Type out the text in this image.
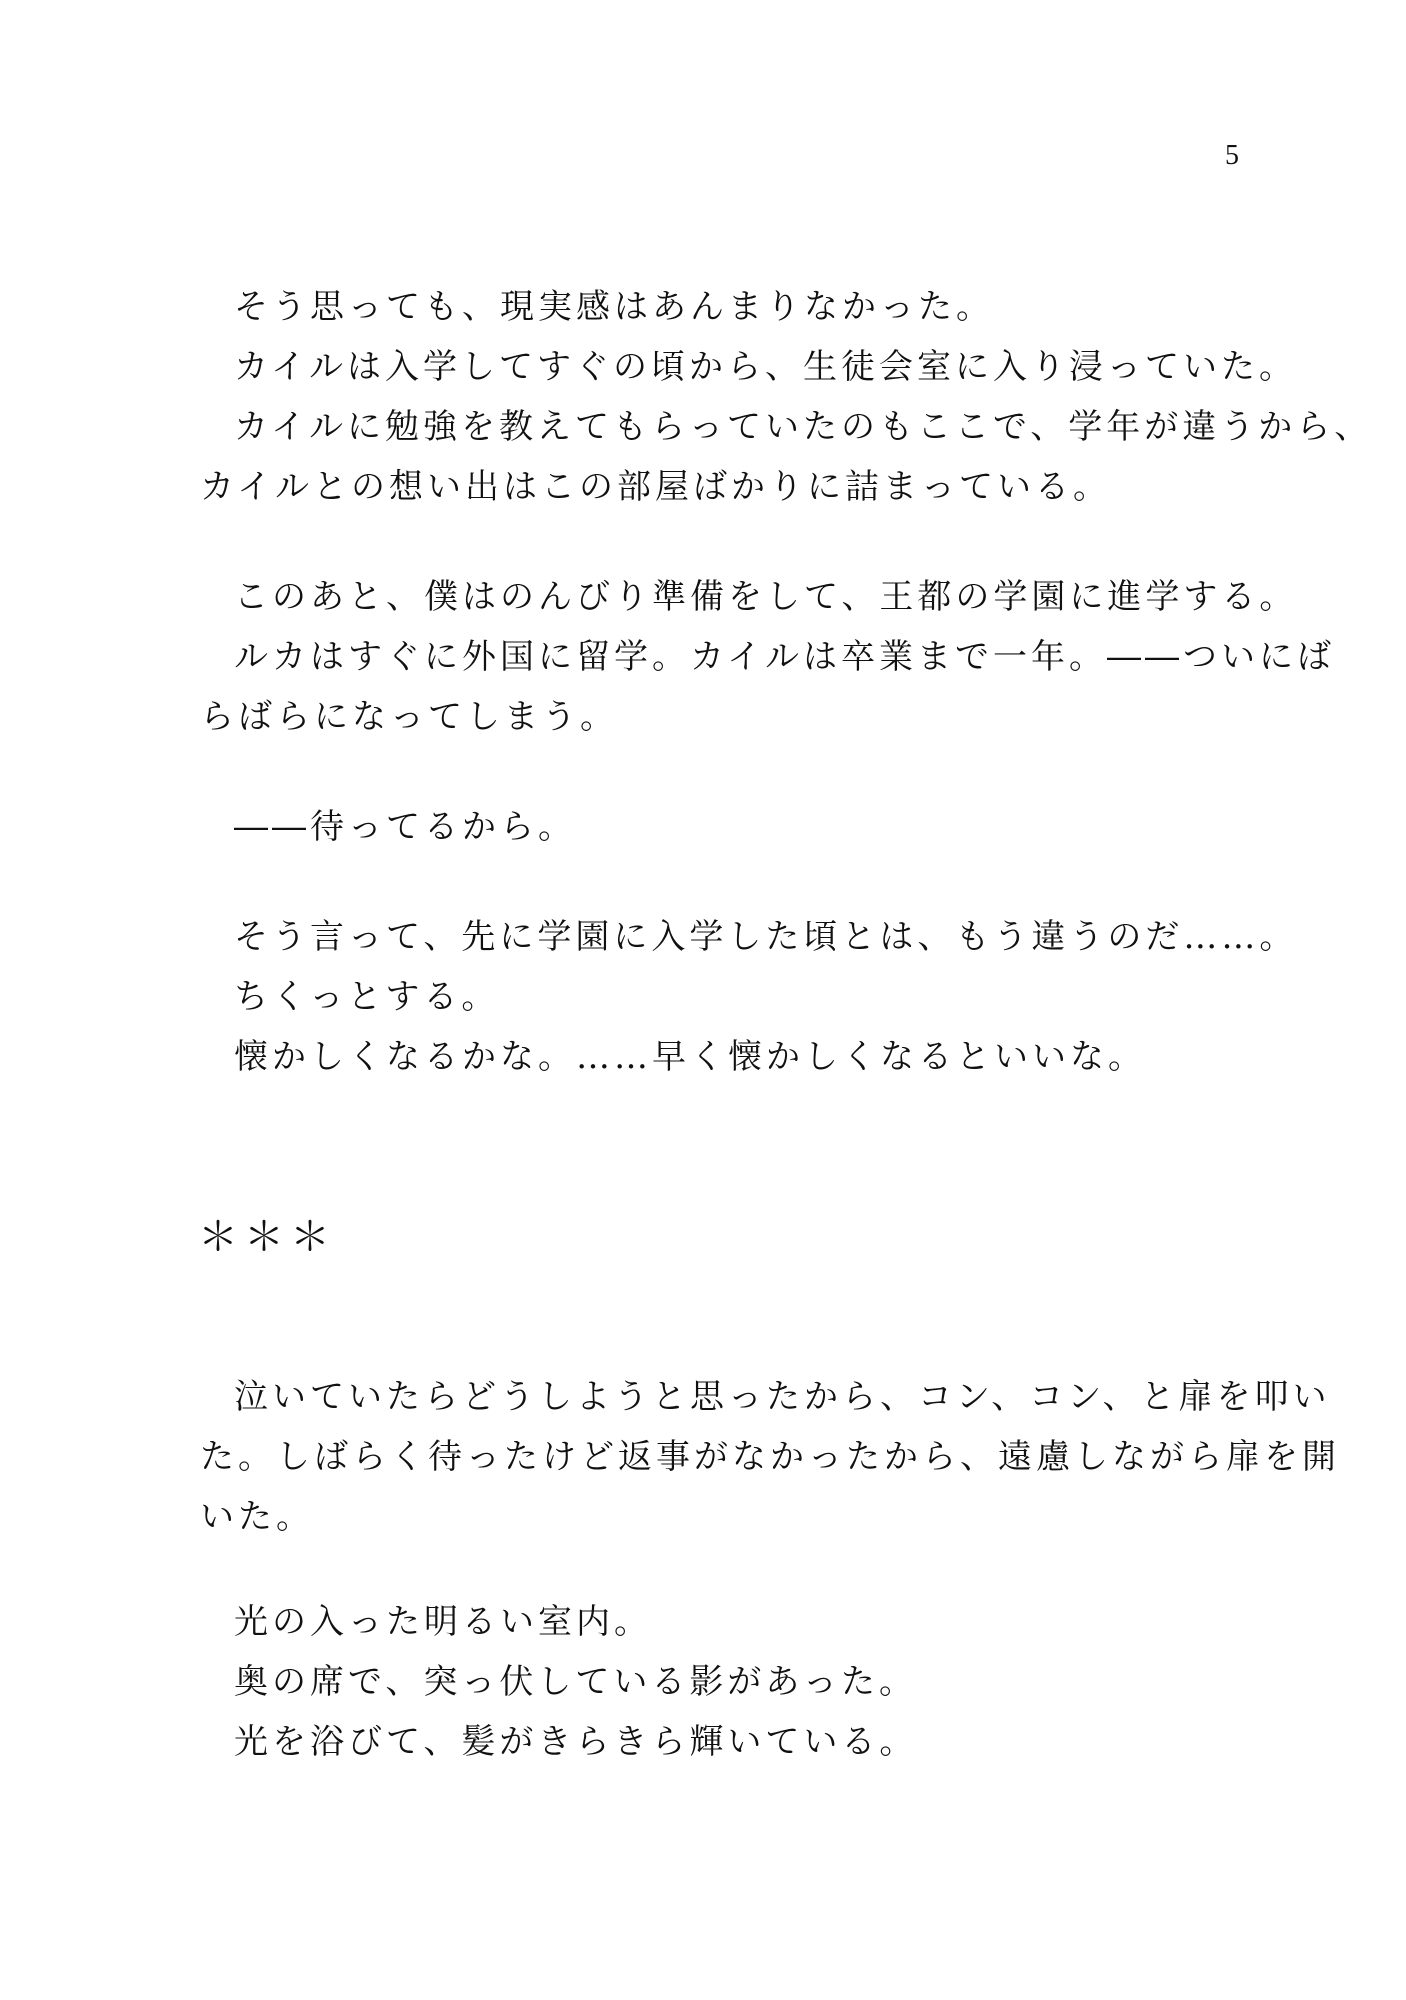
5
そう思っても、現実感はあんまりなかった。
カイルは入学してすぐの頃から、生徒会室に入り浸っていた。
カイルに勉強を教えてもらっていたのもここで、学年が違うから、
カイルとの想い出はこの部屋ばかりに詰まっている。
このあと、僕はのんびり準備をして、王都の学園に進学する。
ルカはすぐに外国に留学。カイルは卒業まで一年。――ついにば
らばらになってしまう。
――待ってるから。
そう言って、先に学園に入学した頃とは、もう違うのだ……。
ちくっとする。
懐かしくなるかな。……早く懐かしくなるといいな。
＊＊＊
泣いていたらどうしようと思ったから、コン、コン、と扉を叩い
た。しばらく待ったけど返事がなかったから、遠慮しながら扉を開
いた。
光の入った明るい室内。
奥の席で、突っ伏している影があった。
光を浴びて、髪がきらきら輝いている。
